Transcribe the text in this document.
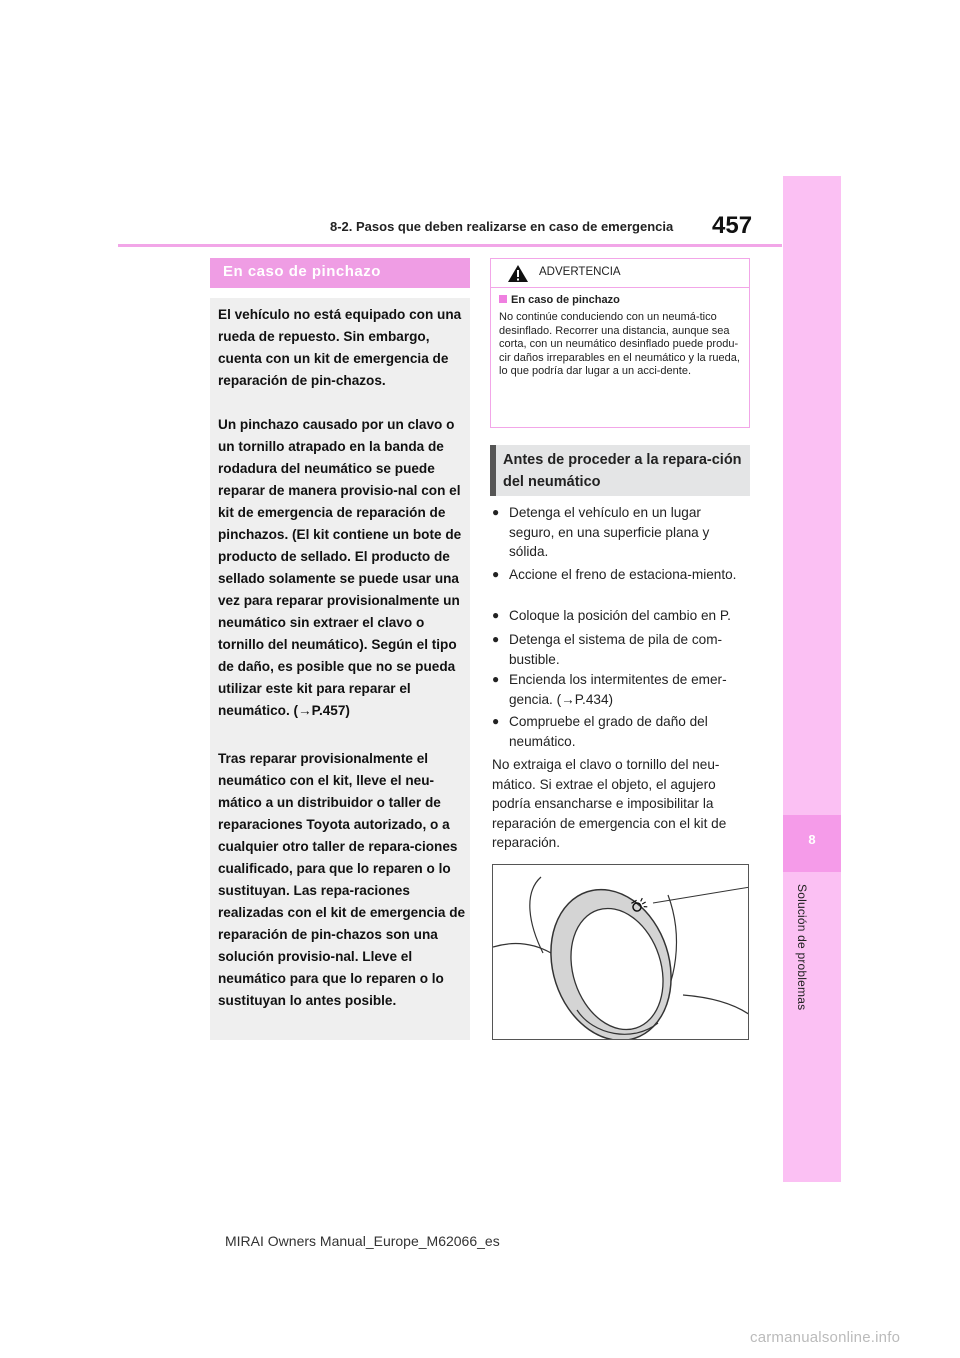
8-2. Pasos que deben realizarse en caso de emergencia 457
8
Solución de problemas
En caso de pinchazo
El vehículo no está equipado con una rueda de repuesto. Sin embargo, cuenta con un kit de emergencia de reparación de pin-chazos.
Un pinchazo causado por un clavo o un tornillo atrapado en la banda de rodadura del neumático se puede reparar de manera provisio-nal con el kit de emergencia de reparación de pinchazos. (El kit contiene un bote de producto de sellado. El producto de sellado solamente se puede usar una vez para reparar provisionalmente un neumático sin extraer el clavo o tornillo del neumático). Según el tipo de daño, es posible que no se pueda utilizar este kit para reparar el neumático. (→P.457)
Tras reparar provisionalmente el neumático con el kit, lleve el neu-mático a un distribuidor o taller de reparaciones Toyota autorizado, o a cualquier otro taller de repara-ciones cualificado, para que lo reparen o lo sustituyan. Las repa-raciones realizadas con el kit de emergencia de reparación de pin-chazos son una solución provisio-nal. Lleve el neumático para que lo reparen o lo sustituyan lo antes posible.
ADVERTENCIA
En caso de pinchazo
No continúe conduciendo con un neumá-tico desinflado. Recorrer una distancia, aunque sea corta, con un neumático desinflado puede produ-cir daños irreparables en el neumático y la rueda, lo que podría dar lugar a un acci-dente.
Antes de proceder a la repara-ción del neumático
● Detenga el vehículo en un lugar seguro, en una superficie plana y sólida.
● Accione el freno de estaciona-miento.
● Coloque la posición del cambio en P.
● Detenga el sistema de pila de com-bustible.
● Encienda los intermitentes de emer-gencia. (→P.434)
● Compruebe el grado de daño del neumático.
No extraiga el clavo o tornillo del neu-mático. Si extrae el objeto, el agujero podría ensancharse e imposibilitar la reparación de emergencia con el kit de reparación.
MIRAI Owners Manual_Europe_M62066_es
carmanualsonline.info
